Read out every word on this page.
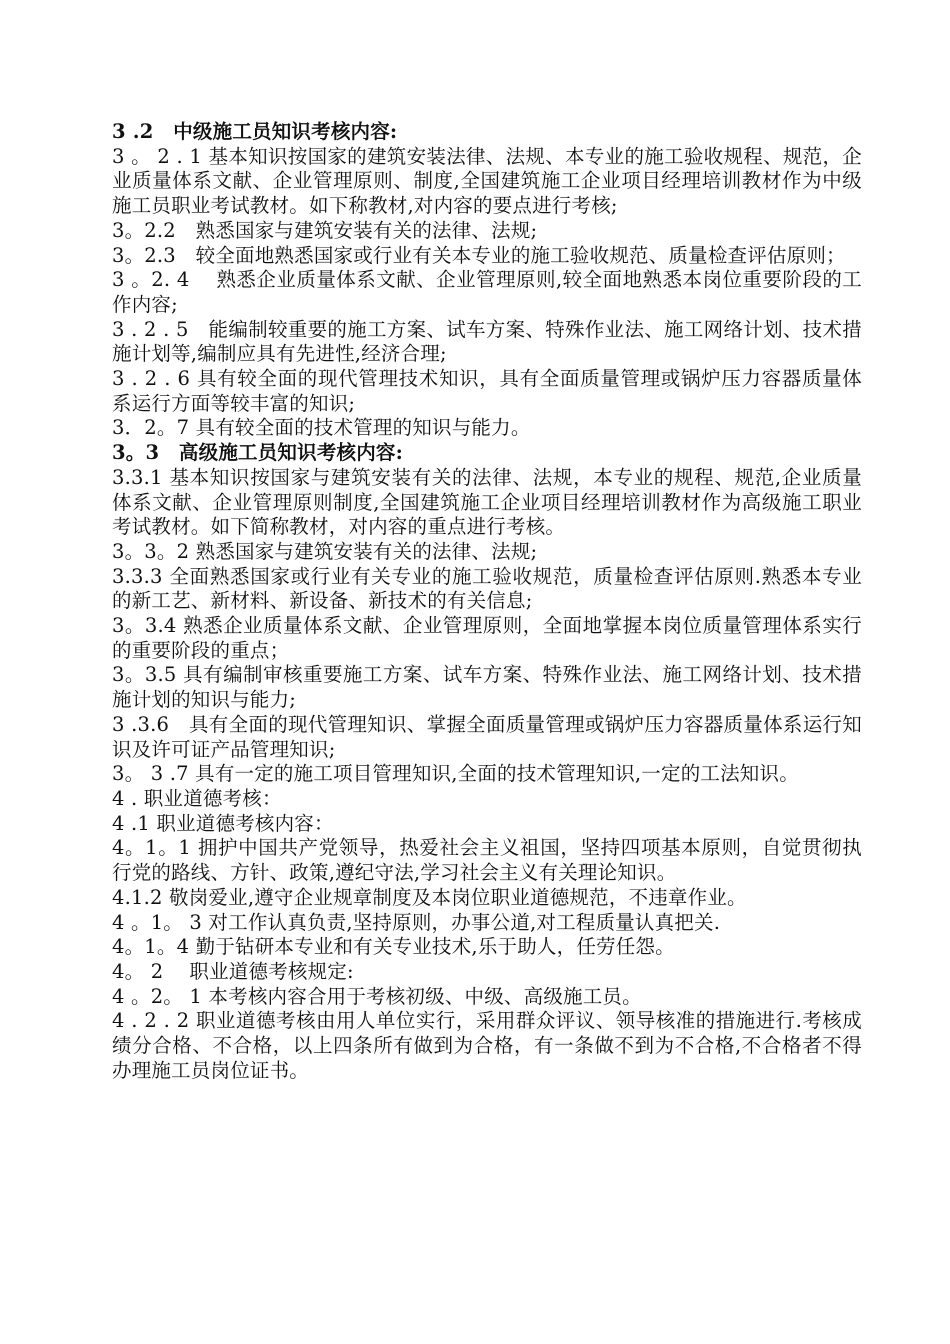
3 .2　中级施工员知识考核内容:

3 。 2 . 1 基本知识按国家的建筑安装法律、法规、本专业的施工验收规程、规范，企业质量体系文献、企业管理原则、制度,全国建筑施工企业项目经理培训教材作为中级施工员职业考试教材。如下称教材,对内容的要点进行考核;

3。2.2　熟悉国家与建筑安装有关的法律、法规;

3。2.3　较全面地熟悉国家或行业有关本专业的施工验收规范、质量检查评估原则；

3 。2. 4　 熟悉企业质量体系文献、企业管理原则,较全面地熟悉本岗位重要阶段的工作内容;

3 . 2 . 5　能编制较重要的施工方案、试车方案、特殊作业法、施工网络计划、技术措施计划等,编制应具有先进性,经济合理;

3 . 2 . 6 具有较全面的现代管理技术知识，具有全面质量管理或锅炉压力容器质量体系运行方面等较丰富的知识;

3．2。7 具有较全面的技术管理的知识与能力。

3。3　高级施工员知识考核内容:

3.3.1 基本知识按国家与建筑安装有关的法律、法规，本专业的规程、规范,企业质量体系文献、企业管理原则制度,全国建筑施工企业项目经理培训教材作为高级施工职业考试教材。如下简称教材，对内容的重点进行考核。

3。3。2 熟悉国家与建筑安装有关的法律、法规;

3.3.3 全面熟悉国家或行业有关专业的施工验收规范，质量检查评估原则.熟悉本专业的新工艺、新材料、新设备、新技术的有关信息;

3。3.4 熟悉企业质量体系文献、企业管理原则，全面地掌握本岗位质量管理体系实行的重要阶段的重点；

3。3.5 具有编制审核重要施工方案、试车方案、特殊作业法、施工网络计划、技术措施计划的知识与能力;

3 .3.6　具有全面的现代管理知识、掌握全面质量管理或锅炉压力容器质量体系运行知识及许可证产品管理知识;

3。 3 .7 具有一定的施工项目管理知识,全面的技术管理知识,一定的工法知识。

4 . 职业道德考核：

4 .1 职业道德考核内容：

4。1。1 拥护中国共产党领导，热爱社会主义祖国，坚持四项基本原则，自觉贯彻执行党的路线、方针、政策,遵纪守法,学习社会主义有关理论知识。

4.1.2 敬岗爱业,遵守企业规章制度及本岗位职业道德规范，不违章作业。

4 。1。 3 对工作认真负责,坚持原则，办事公道,对工程质量认真把关.

4。1。4 勤于钻研本专业和有关专业技术,乐于助人，任劳任怨。

4。 2　 职业道德考核规定:

4 。2。 1 本考核内容合用于考核初级、中级、高级施工员。

4 . 2 . 2 职业道德考核由用人单位实行，采用群众评议、领导核准的措施进行.考核成绩分合格、不合格，以上四条所有做到为合格，有一条做不到为不合格,不合格者不得办理施工员岗位证书。
